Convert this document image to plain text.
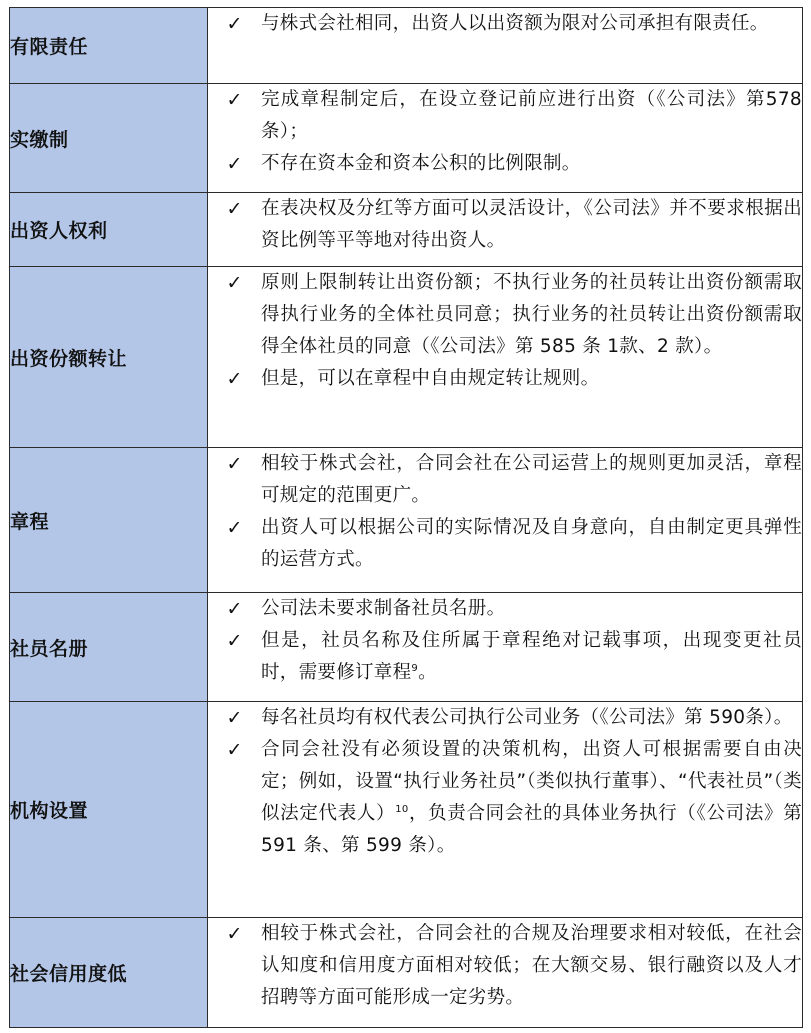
有限责任	✓ 与株式会社相同，出资人以出资额为限对公司承担有限责任。

实缴制	✓ 完成章程制定后，在设立登记前应进行出资（《公司法》第578 条）；
✓ 不存在资本金和资本公积的比例限制。

出资人权利	✓ 在表决权及分红等方面可以灵活设计，《公司法》并不要求根据出资比例等平等地对待出资人。

出资份额转让	✓ 原则上限制转让出资份额；不执行业务的社员转让出资份额需取得执行业务的全体社员同意；执行业务的社员转让出资份额需取得全体社员的同意（《公司法》第 585 条 1款、2 款）。
✓ 但是，可以在章程中自由规定转让规则。

章程	✓ 相较于株式会社，合同会社在公司运营上的规则更加灵活，章程可规定的范围更广。
✓ 出资人可以根据公司的实际情况及自身意向，自由制定更具弹性的运营方式。

社员名册	✓ 公司法未要求制备社员名册。
✓ 但是，社员名称及住所属于章程绝对记载事项，出现变更社员时，需要修订章程$^9$。

机构设置	✓ 每名社员均有权代表公司执行公司业务（《公司法》第 590条）。
✓ 合同会社没有必须设置的决策机构，出资人可根据需要自由决定；例如，设置“执行业务社员”（类似执行董事）、“代表社员”（类似法定代表人）$^{10}$，负责合同会社的具体业务执行（《公司法》第 591 条、第 599 条）。

社会信用度低	✓ 相较于株式会社，合同会社的合规及治理要求相对较低，在社会认知度和信用度方面相对较低；在大额交易、银行融资以及人才招聘等方面可能形成一定劣势。
